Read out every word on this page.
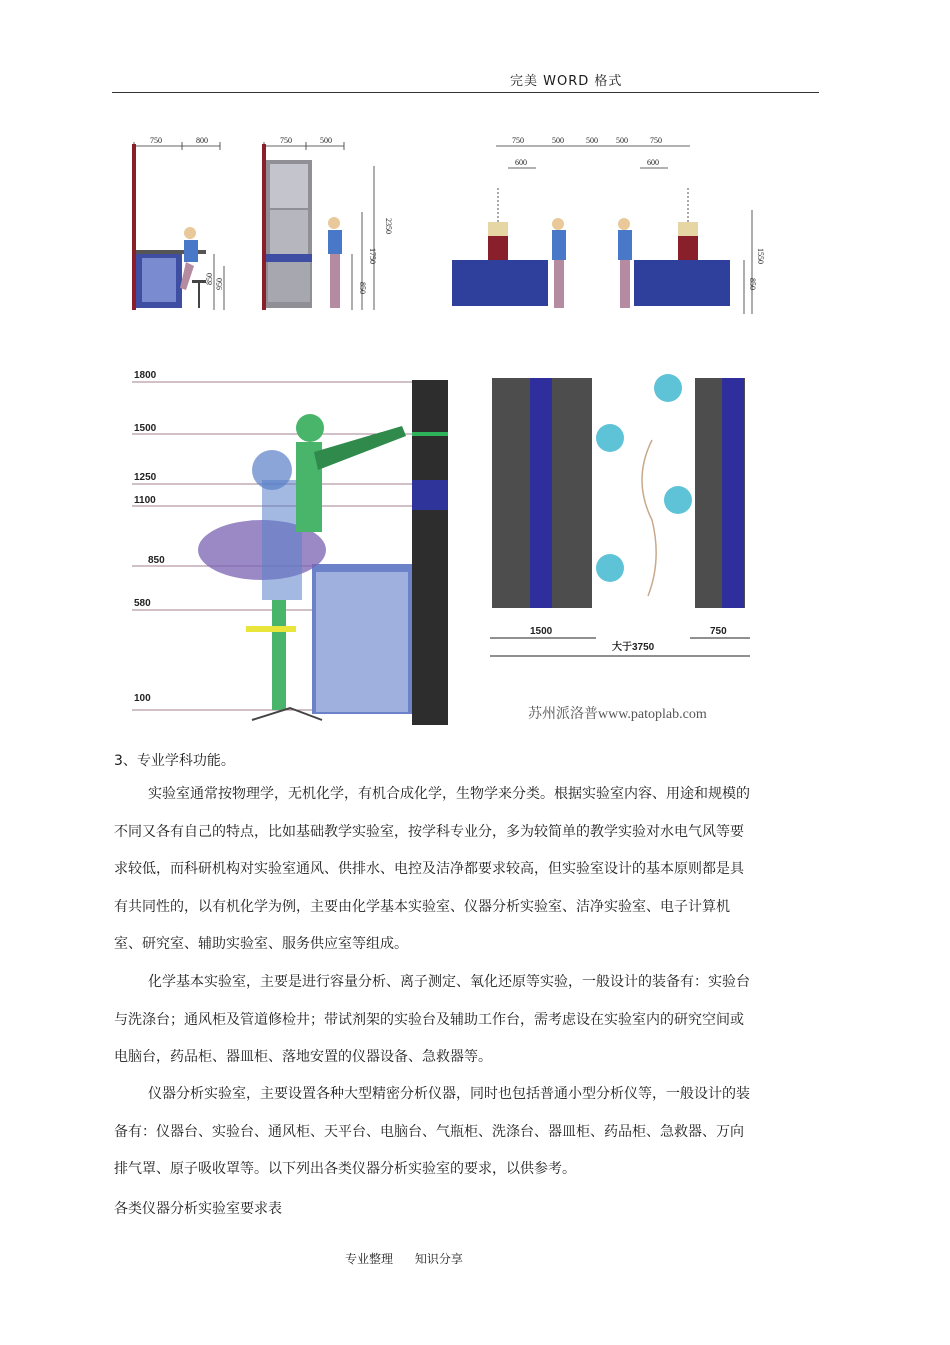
完美 WORD 格式
750	800
850 950
750	500
2350
1750
850
750	500	500 500	750
600	600
1550
850
1800
1500
1250
1100
850
580
100
1500
大于3750
750
苏州派洛普www.patoplab.com
3、专业学科功能。
实验室通常按物理学，无机化学，有机合成化学，生物学来分类。根据实验室内容、用途和规模的不同又各有自己的特点，比如基础教学实验室，按学科专业分，多为较简单的教学实验对水电气风等要求较低，而科研机构对实验室通风、供排水、电控及洁净都要求较高，但实验室设计的基本原则都是具有共同性的，以有机化学为例，主要由化学基本实验室、仪器分析实验室、洁净实验室、电子计算机室、研究室、辅助实验室、服务供应室等组成。
化学基本实验室，主要是进行容量分析、离子测定、氧化还原等实验，一般设计的装备有：实验台与洗涤台；通风柜及管道修检井；带试剂架的实验台及辅助工作台，需考虑设在实验室内的研究空间或电脑台，药品柜、器皿柜、落地安置的仪器设备、急救器等。
仪器分析实验室，主要设置各种大型精密分析仪器，同时也包括普通小型分析仪等，一般设计的装备有：仪器台、实验台、通风柜、天平台、电脑台、气瓶柜、洗涤台、器皿柜、药品柜、急救器、万向排气罩、原子吸收罩等。以下列出各类仪器分析实验室的要求，以供参考。
各类仪器分析实验室要求表
专业整理 知识分享
